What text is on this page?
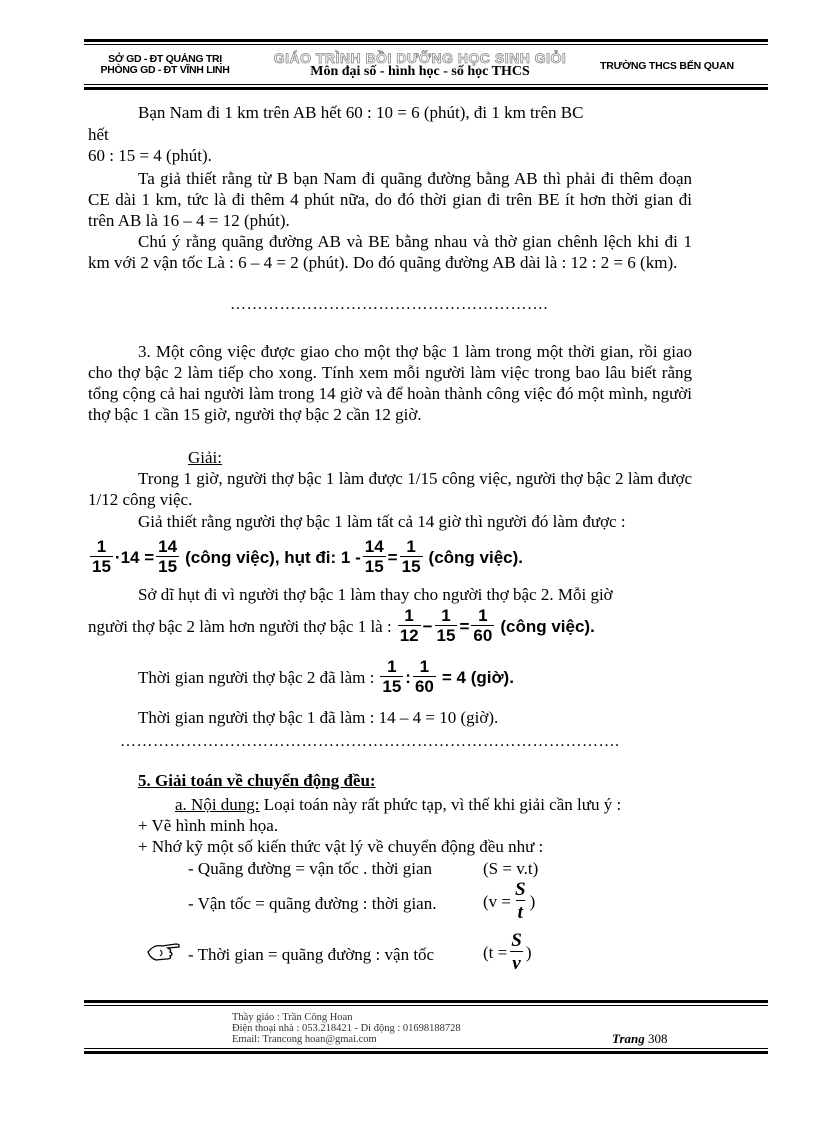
SỞ GD - ĐT QUẢNG TRỊ
PHÒNG GD - ĐT VĨNH LINH
GIÁO TRÌNH BỒI DƯỠNG HỌC SINH GIỎI
Môn đại số - hình học - số học THCS	TRƯỜNG THCS BẾN QUAN
Bạn Nam đi 1 km trên AB hết 60 : 10 = 6 (phút), đi 1 km trên BC
hết
60 : 15 = 4 (phút).
Ta giả thiết rằng từ B bạn Nam đi quãng đường bằng AB thì phải đi thêm đoạn CE dài 1 km, tức là đi thêm 4 phút nữa, do đó thời gian đi trên BE ít hơn thời gian đi trên AB là 16 – 4 = 12 (phút).
Chú ý rằng quãng đường AB và BE bằng nhau và thờ gian chênh lệch khi đi 1 km với 2 vận tốc Là : 6 – 4 = 2 (phút). Do đó quãng đường AB dài là : 12 : 2 = 6 (km).
………………………………………………….
3. Một công việc được giao cho một thợ bậc 1 làm trong một thời gian, rồi giao cho thợ bậc 2 làm tiếp cho xong. Tính xem mỗi người làm việc trong bao lâu biết rằng tổng cộng cả hai người làm trong 14 giờ và để hoàn thành công việc đó một mình, người thợ bậc 1 cần 15 giờ, người thợ bậc 2 cần 12 giờ.
Giải:
Trong 1 giờ, người thợ bậc 1 làm được 1/15 công việc, người thợ bậc 2 làm được 1/12 công việc.
Giả thiết rằng người thợ bậc 1 làm tất cả 14 giờ thì người đó làm được :
$\frac{1}{15} \cdot 14 = \frac{14}{15}$ (công việc), hụt đi: $1 - \frac{14}{15} = \frac{1}{15}$ (công việc).
Sở dĩ hụt đi vì người thợ bậc 1 làm thay cho người thợ bậc 2. Mỗi giờ
người thợ bậc 2 làm hơn người thợ bậc 1 là : $\frac{1}{12} - \frac{1}{15} = \frac{1}{60}$ (công việc).
Thời gian người thợ bậc 2 đã làm : $\frac{1}{15}$ : $\frac{1}{60} = 4$ (giờ).
Thời gian người thợ bậc 1 đã làm : 14 – 4 = 10 (giờ).
……………………………………………………………………………….
5. Giải toán về chuyển động đều:
a. Nội dung: Loại toán này rất phức tạp, vì thế khi giải cần lưu ý :
+ Vẽ hình minh họa.
+ Nhớ kỹ một số kiến thức vật lý về chuyển động đều như :
- Quãng đường = vận tốc . thời gian	(S = v.t)
- Vận tốc = quãng đường : thời gian.	($v = \frac{S}{t}$ )
- Thời gian = quãng đường : vận tốc	($t = \frac{S}{v}$ )
Thầy giáo : Trần Công Hoan
Điện thoại nhà : 053.218421 - Di động : 01698188728
Email: Trancong hoan@gmai.com	Trang 308
